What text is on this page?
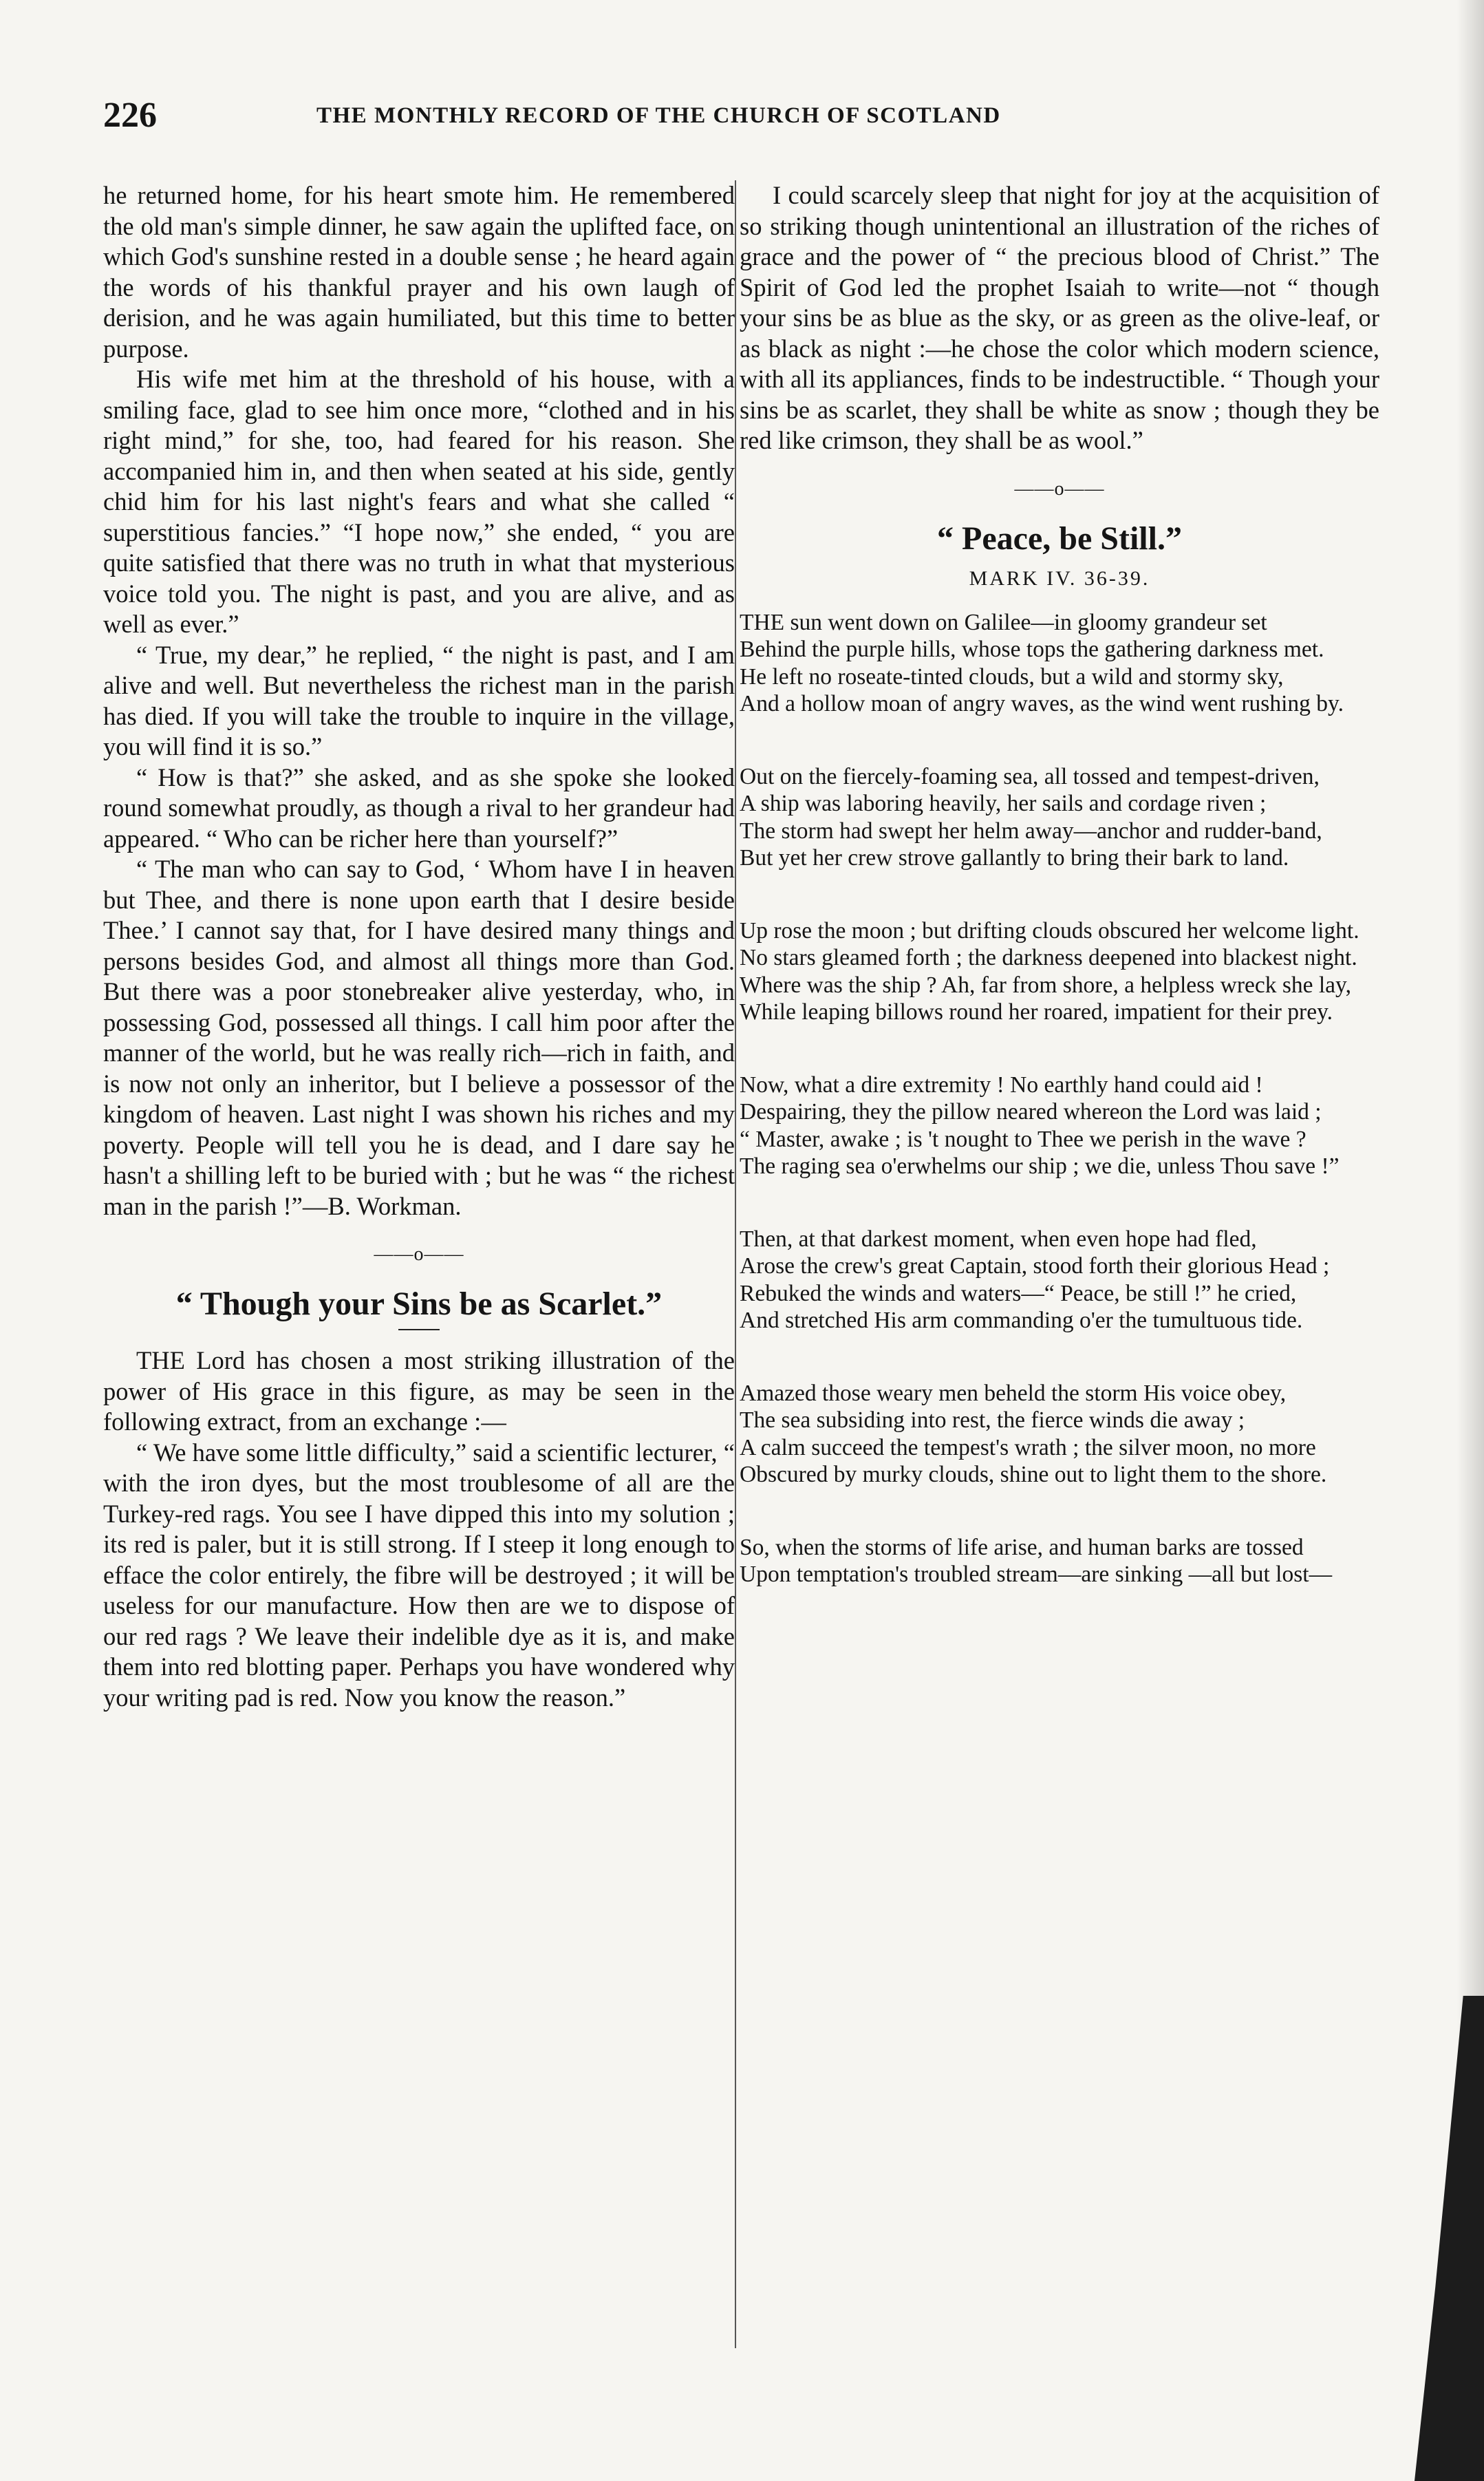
226	THE MONTHLY RECORD OF THE CHURCH OF SCOTLAND

he returned home, for his heart smote him. He remembered the old man's simple dinner, he saw again the uplifted face, on which God's sunshine rested in a double sense ; he heard again the words of his thankful prayer and his own laugh of derision, and he was again humiliated, but this time to better purpose.

His wife met him at the threshold of his house, with a smiling face, glad to see him once more, “clothed and in his right mind,” for she, too, had feared for his reason. She accompanied him in, and then when seated at his side, gently chid him for his last night's fears and what she called “ superstitious fancies.” “I hope now,” she ended, “ you are quite satisfied that there was no truth in what that mysterious voice told you. The night is past, and you are alive, and as well as ever.”

“ True, my dear,” he replied, “ the night is past, and I am alive and well. But nevertheless the richest man in the parish has died. If you will take the trouble to inquire in the village, you will find it is so.”

“ How is that?” she asked, and as she spoke she looked round somewhat proudly, as though a rival to her grandeur had appeared. “ Who can be richer here than yourself?”

“ The man who can say to God, ‘ Whom have I in heaven but Thee, and there is none upon earth that I desire beside Thee.’ I cannot say that, for I have desired many things and persons besides God, and almost all things more than God. But there was a poor stonebreaker alive yesterday, who, in possessing God, possessed all things. I call him poor after the manner of the world, but he was really rich—rich in faith, and is now not only an inheritor, but I believe a possessor of the kingdom of heaven. Last night I was shown his riches and my poverty. People will tell you he is dead, and I dare say he hasn't a shilling left to be buried with ; but he was “ the richest man in the parish !”—B. Workman.

——o——
“ Though your Sins be as Scarlet.”

THE Lord has chosen a most striking illustration of the power of His grace in this figure, as may be seen in the following extract, from an exchange :—

“ We have some little difficulty,” said a scientific lecturer, “ with the iron dyes, but the most troublesome of all are the Turkey-red rags. You see I have dipped this into my solution ; its red is paler, but it is still strong. If I steep it long enough to efface the color entirely, the fibre will be destroyed ; it will be useless for our manufacture. How then are we to dispose of our red rags ? We leave their indelible dye as it is, and make them into red blotting paper. Perhaps you have wondered why your writing pad is red. Now you know the reason.”

I could scarcely sleep that night for joy at the acquisition of so striking though unintentional an illustration of the riches of grace and the power of “ the precious blood of Christ.” The Spirit of God led the prophet Isaiah to write—not “ though your sins be as blue as the sky, or as green as the olive-leaf, or as black as night :—he chose the color which modern science, with all its appliances, finds to be indestructible. “ Though your sins be as scarlet, they shall be white as snow ; though they be red like crimson, they shall be as wool.”

——o——
“ Peace, be Still.”
MARK IV. 36-39.
THE sun went down on Galilee—in gloomy grandeur set
Behind the purple hills, whose tops the gathering darkness met.
He left no roseate-tinted clouds, but a wild and stormy sky,
And a hollow moan of angry waves, as the wind went rushing by.
Out on the fiercely-foaming sea, all tossed and tempest-driven,
A ship was laboring heavily, her sails and cordage riven ;
The storm had swept her helm away—anchor and rudder-band,
But yet her crew strove gallantly to bring their bark to land.
Up rose the moon ; but drifting clouds obscured her welcome light.
No stars gleamed forth ; the darkness deepened into blackest night.
Where was the ship ? Ah, far from shore, a helpless wreck she lay,
While leaping billows round her roared, impatient for their prey.
Now, what a dire extremity ! No earthly hand could aid !
Despairing, they the pillow neared whereon the Lord was laid ;
“ Master, awake ; is 't nought to Thee we perish in the wave ?
The raging sea o'erwhelms our ship ; we die, unless Thou save !”
Then, at that darkest moment, when even hope had fled,
Arose the crew's great Captain, stood forth their glorious Head ;
Rebuked the winds and waters—“ Peace, be still !” he cried,
And stretched His arm commanding o'er the tumultuous tide.
Amazed those weary men beheld the storm His voice obey,
The sea subsiding into rest, the fierce winds die away ;
A calm succeed the tempest's wrath ; the silver moon, no more
Obscured by murky clouds, shine out to light them to the shore.
So, when the storms of life arise, and human barks are tossed
Upon temptation's troubled stream—are sinking —all but lost—
